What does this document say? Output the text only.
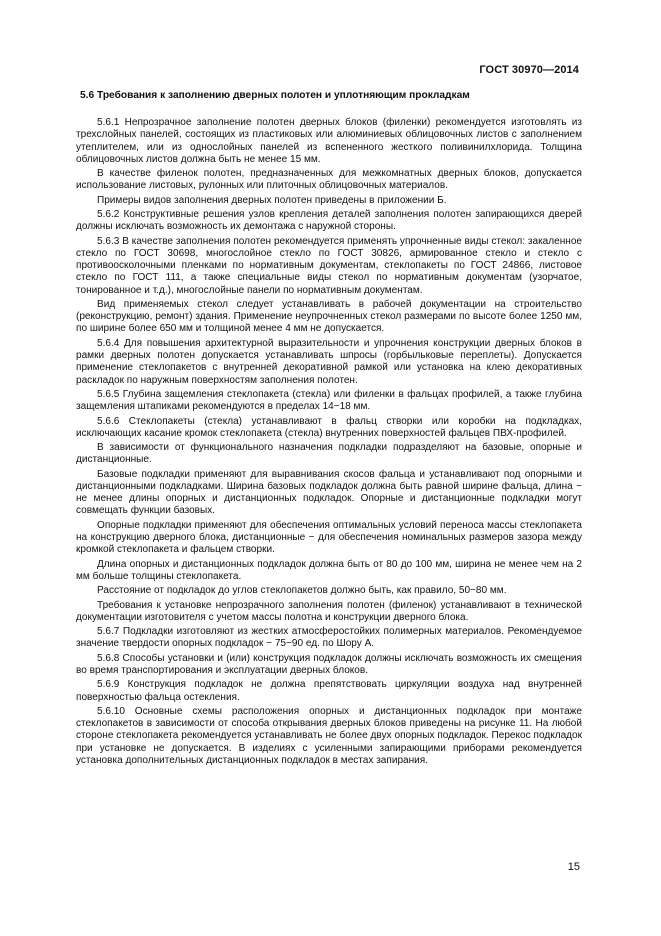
ГОСТ 30970—2014
5.6 Требования к заполнению дверных полотен и уплотняющим прокладкам

5.6.1 Непрозрачное заполнение полотен дверных блоков (филенки) рекомендуется изготовлять из трехслойных панелей, состоящих из пластиковых или алюминиевых облицовочных листов с заполнением утеплителем, или из однослойных панелей из вспененного жесткого поливинилхлорида. Толщина облицовочных листов должна быть не менее 15 мм.

В качестве филенок полотен, предназначенных для межкомнатных дверных блоков, допускается использование листовых, рулонных или плиточных облицовочных материалов.

Примеры видов заполнения дверных полотен приведены в приложении Б.

5.6.2 Конструктивные решения узлов крепления деталей заполнения полотен запирающихся дверей должны исключать возможность их демонтажа с наружной стороны.

5.6.3 В качестве заполнения полотен рекомендуется применять упрочненные виды стекол: закаленное стекло по ГОСТ 30698, многослойное стекло по ГОСТ 30826, армированное стекло и стекло с противоосколочными пленками по нормативным документам, стеклопакеты по ГОСТ 24866, листовое стекло по ГОСТ 111, а также специальные виды стекол по нормативным документам (узорчатое, тонированное и т.д.), многослойные панели по нормативным документам.

Вид применяемых стекол следует устанавливать в рабочей документации на строительство (реконструкцию, ремонт) здания. Применение неупрочненных стекол размерами по высоте более 1250 мм, по ширине более 650 мм и толщиной менее 4 мм не допускается.

5.6.4 Для повышения архитектурной выразительности и упрочнения конструкции дверных блоков в рамки дверных полотен допускается устанавливать шпросы (горбыльковые переплеты). Допускается применение стеклопакетов с внутренней декоративной рамкой или установка на клею декоративных раскладок по наружным поверхностям заполнения полотен.

5.6.5 Глубина защемления стеклопакета (стекла) или филенки в фальцах профилей, а также глубина защемления штапиками рекомендуются в пределах 14−18 мм.

5.6.6 Стеклопакеты (стекла) устанавливают в фальц створки или коробки на подкладках, исключающих касание кромок стеклопакета (стекла) внутренних поверхностей фальцев ПВХ-профилей.

В зависимости от функционального назначения подкладки подразделяют на базовые, опорные и дистанционные.

Базовые подкладки применяют для выравнивания скосов фальца и устанавливают под опорными и дистанционными подкладками. Ширина базовых подкладок должна быть равной ширине фальца, длина − не менее длины опорных и дистанционных подкладок. Опорные и дистанционные подкладки могут совмещать функции базовых.

Опорные подкладки применяют для обеспечения оптимальных условий переноса массы стеклопакета на конструкцию дверного блока, дистанционные − для обеспечения номинальных размеров зазора между кромкой стеклопакета и фальцем створки.

Длина опорных и дистанционных подкладок должна быть от 80 до 100 мм, ширина не менее чем на 2 мм больше толщины стеклопакета.

Расстояние от подкладок до углов стеклопакетов должно быть, как правило, 50−80 мм.

Требования к установке непрозрачного заполнения полотен (филенок) устанавливают в технической документации изготовителя с учетом массы полотна и конструкции дверного блока.

5.6.7 Подкладки изготовляют из жестких атмосферостойких полимерных материалов. Рекомендуемое значение твердости опорных подкладок − 75−90 ед. по Шору А.

5.6.8 Способы установки и (или) конструкция подкладок должны исключать возможность их смещения во время транспортирования и эксплуатации дверных блоков.

5.6.9 Конструкция подкладок не должна препятствовать циркуляции воздуха над внутренней поверхностью фальца остекления.

5.6.10 Основные схемы расположения опорных и дистанционных подкладок при монтаже стеклопакетов в зависимости от способа открывания дверных блоков приведены на рисунке 11. На любой стороне стеклопакета рекомендуется устанавливать не более двух опорных подкладок. Перекос подкладок при установке не допускается. В изделиях с усиленными запирающими приборами рекомендуется установка дополнительных дистанционных подкладок в местах запирания.

15
